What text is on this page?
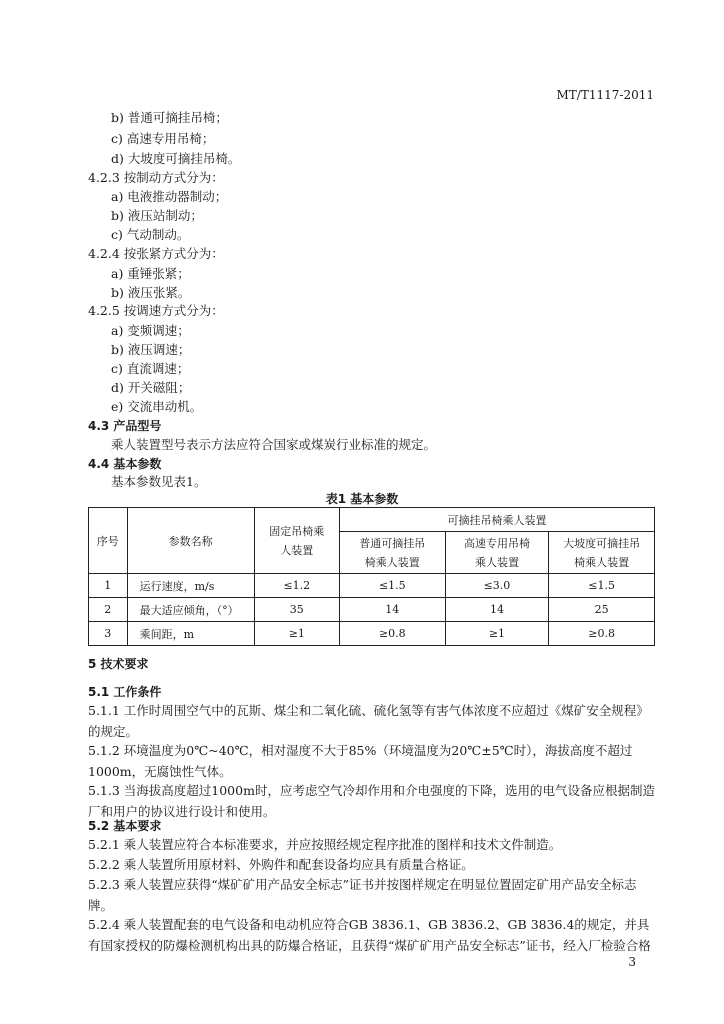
MT/T1117-2011
b) 普通可摘挂吊椅；
c) 高速专用吊椅；
d) 大坡度可摘挂吊椅。
4.2.3 按制动方式分为：
a) 电液推动器制动；
b) 液压站制动；
c) 气动制动。
4.2.4 按张紧方式分为：
a) 重锤张紧；
b) 液压张紧。
4.2.5 按调速方式分为：
a) 变频调速；
b) 液压调速；
c) 直流调速；
d) 开关磁阻；
e) 交流串动机。
4.3 产品型号
乘人装置型号表示方法应符合国家或煤炭行业标准的规定。
4.4 基本参数
基本参数见表1。
表1 基本参数
序号	参数名称	固定吊椅乘人装置	可摘挂吊椅乘人装置		
			普通可摘挂吊椅乘人装置	高速专用吊椅乘人装置	大坡度可摘挂吊椅乘人装置
1	运行速度，m/s	≤1.2	≤1.5	≤3.0	≤1.5
2	最大适应倾角，（°）	35	14	14	25
3	乘间距，m	≥1	≥0.8	≥1	≥0.8
5 技术要求
5.1 工作条件
5.1.1 工作时周围空气中的瓦斯、煤尘和二氧化硫、硫化氢等有害气体浓度不应超过《煤矿安全规程》的规定。
5.1.2 环境温度为0℃~40℃，相对湿度不大于85%（环境温度为20℃±5℃时），海拔高度不超过1000m，无腐蚀性气体。
5.1.3 当海拔高度超过1000m时，应考虑空气冷却作用和介电强度的下降，选用的电气设备应根据制造厂和用户的协议进行设计和使用。
5.2 基本要求
5.2.1 乘人装置应符合本标准要求，并应按照经规定程序批准的图样和技术文件制造。
5.2.2 乘人装置所用原材料、外购件和配套设备均应具有质量合格证。
5.2.3 乘人装置应获得“煤矿矿用产品安全标志”证书并按图样规定在明显位置固定矿用产品安全标志牌。
5.2.4 乘人装置配套的电气设备和电动机应符合GB 3836.1、GB 3836.2、GB 3836.4的规定，并具有国家授权的防爆检测机构出具的防爆合格证，且获得“煤矿矿用产品安全标志”证书，经入厂检验合格
3
